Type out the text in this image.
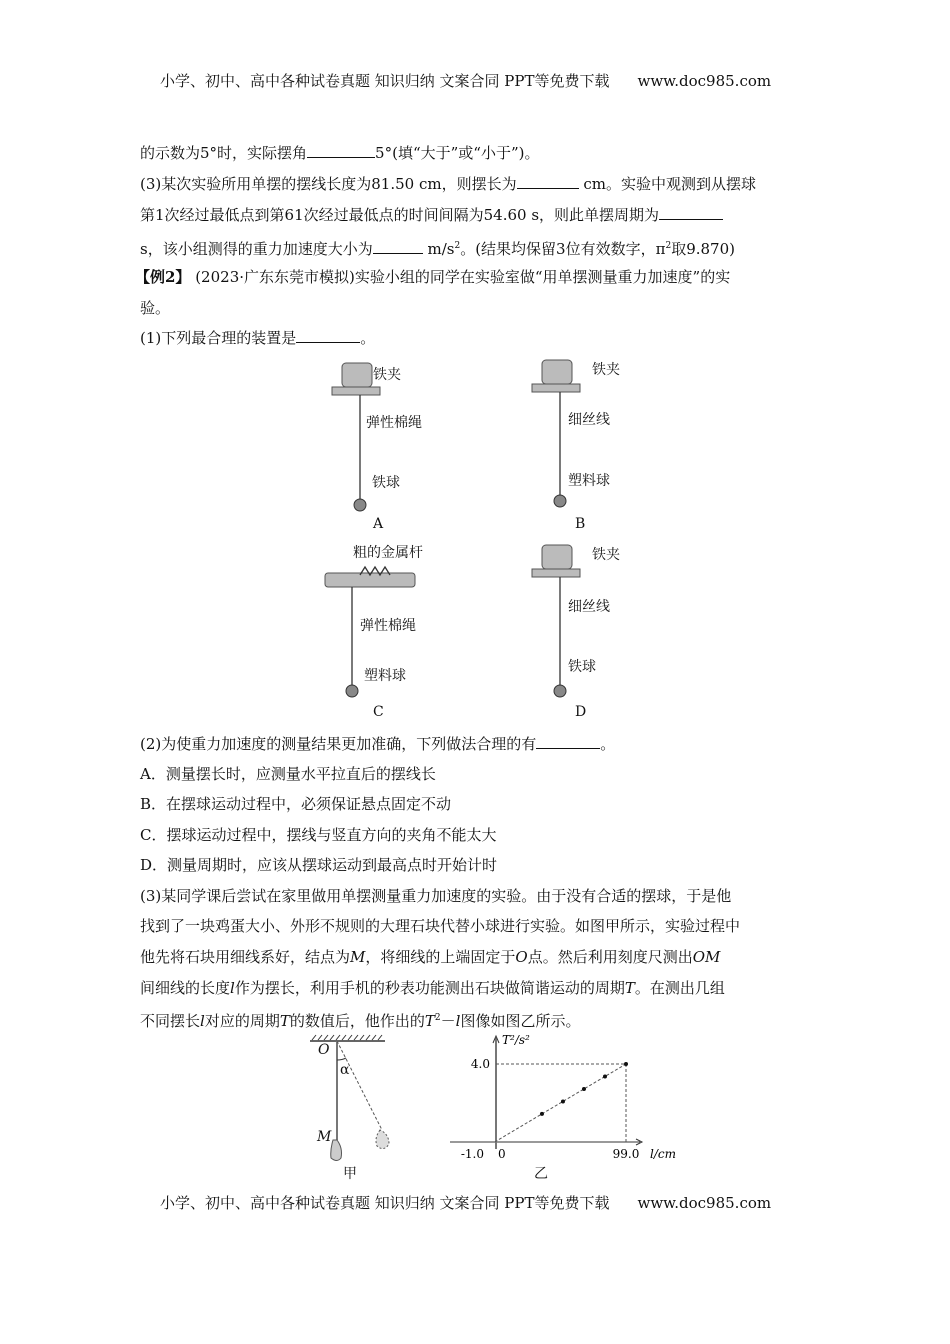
小学、初中、高中各种试卷真题 知识归纳 文案合同 PPT等免费下载 www.doc985.com
的示数为5°时，实际摆角	5°(填“大于”或“小于”)。
(3)某次实验所用单摆的摆线长度为81.50 cm，则摆长为	cm。实验中观测到从摆球
第1次经过最低点到第61次经过最低点的时间间隔为54.60 s，则此单摆周期为
s，该小组测得的重力加速度大小为	$m/s^2$。(结果均保留3位有效数字，$\pi^2$取9.870)
【例2】 (2023·广东东莞市模拟)实验小组的同学在实验室做“用单摆测量重力加速度”的实
验。
(1)下列最合理的装置是	。
铁夹
弹性棉绳
铁球
A
铁夹
细丝线
塑料球
B
粗的金属杆
弹性棉绳
塑料球
C
铁夹
细丝线
铁球
D
(2)为使重力加速度的测量结果更加准确，下列做法合理的有	。
A．测量摆长时，应测量水平拉直后的摆线长
B．在摆球运动过程中，必须保证悬点固定不动
C．摆球运动过程中，摆线与竖直方向的夹角不能太大
D．测量周期时，应该从摆球运动到最高点时开始计时
(3)某同学课后尝试在家里做用单摆测量重力加速度的实验。由于没有合适的摆球，于是他
找到了一块鸡蛋大小、外形不规则的大理石块代替小球进行实验。如图甲所示，实验过程中
他先将石块用细线系好，结点为M，将细线的上端固定于O点。然后利用刻度尺测出OM
间细线的长度l作为摆长，利用手机的秒表功能测出石块做简谐运动的周期T。在测出几组
不同摆长l对应的周期T的数值后，他作出的$T^2-l$图像如图乙所示。
O
α
M
甲
-1.0 0	99.0
4.0
l/cm
T²/s²
乙
小学、初中、高中各种试卷真题 知识归纳 文案合同 PPT等免费下载 www.doc985.com
